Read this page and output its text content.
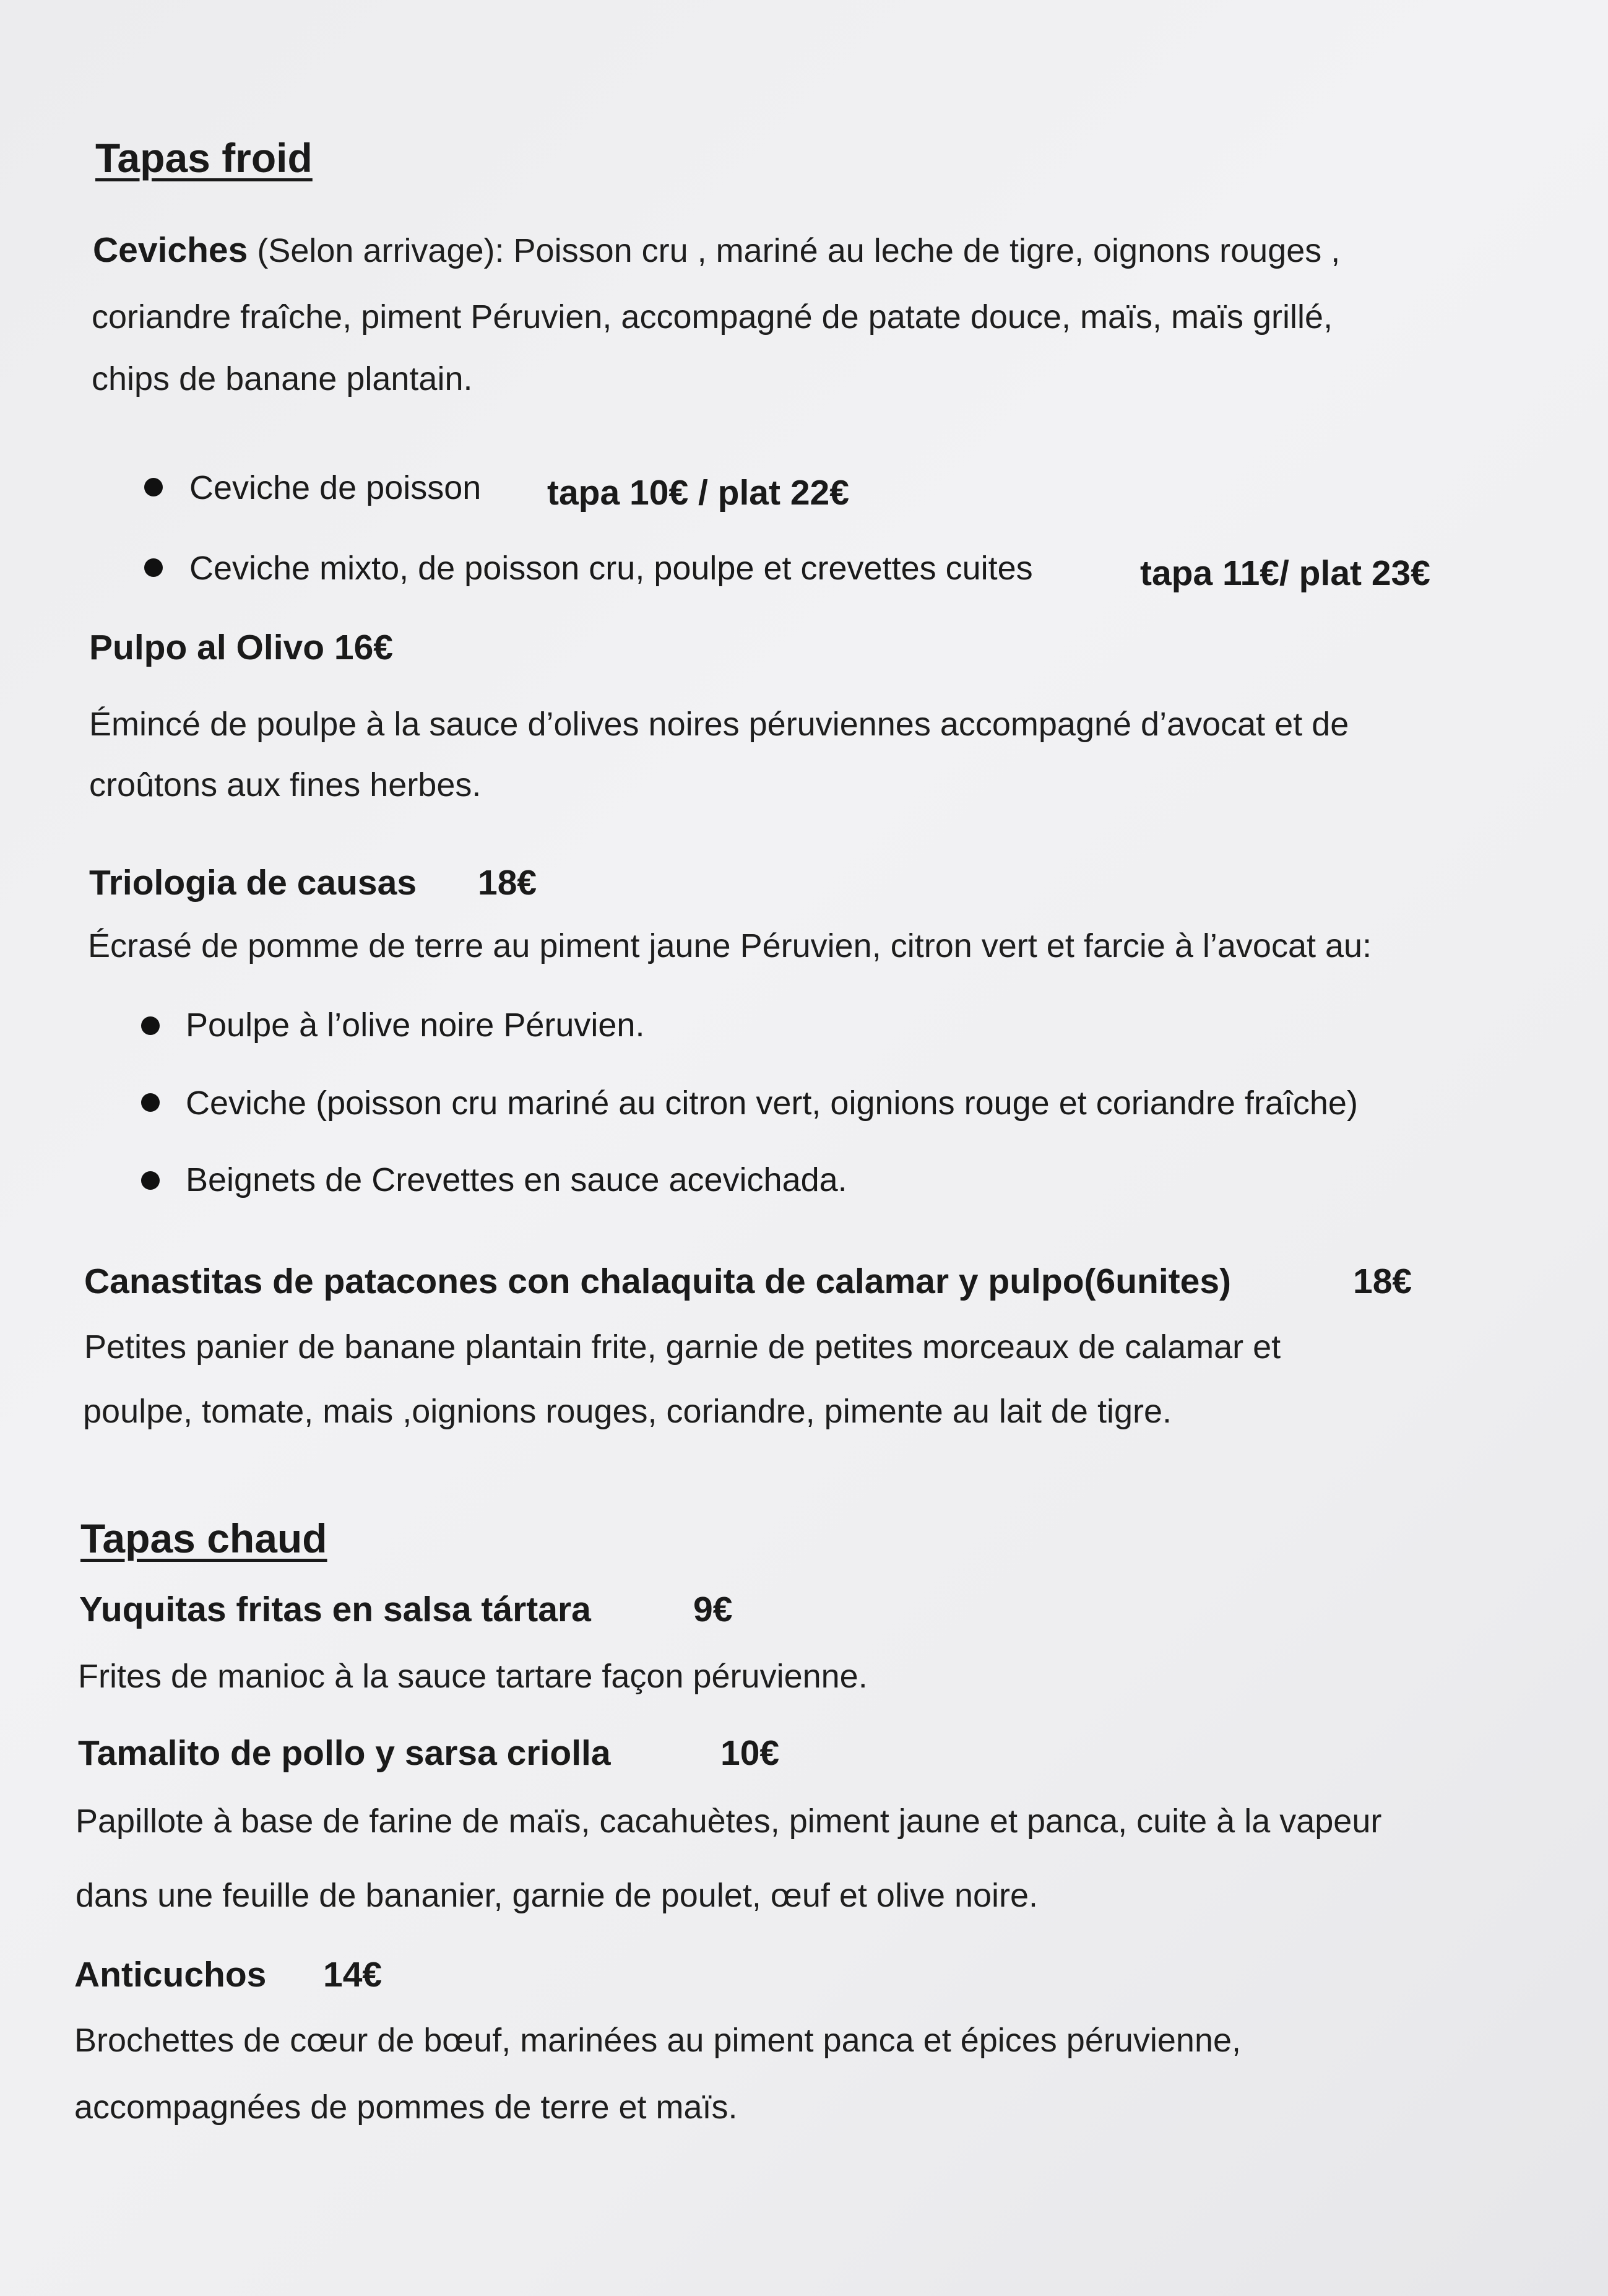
Tapas froid
Ceviches (Selon arrivage): Poisson cru , mariné au leche de tigre, oignons rouges ,
coriandre fraîche, piment Péruvien, accompagné de patate douce, maïs, maïs grillé,
chips de banane plantain.
Ceviche de poisson tapa 10€ / plat 22€
Ceviche mixto, de poisson cru, poulpe et crevettes cuites	tapa 11€/ plat 23€
Pulpo al Olivo 16€
Émincé de poulpe à la sauce d’olives noires péruviennes accompagné d’avocat et de
croûtons aux fines herbes.
Triologia de causas 18€
Écrasé de pomme de terre au piment jaune Péruvien, citron vert et farcie à l’avocat au:
Poulpe à l’olive noire Péruvien.
Ceviche (poisson cru mariné au citron vert, oignions rouge et coriandre fraîche)
Beignets de Crevettes en sauce acevichada.
Canastitas de patacones con chalaquita de calamar y pulpo(6unites)	18€
Petites panier de banane plantain frite, garnie de petites morceaux de calamar et
poulpe, tomate, mais ,oignions rouges, coriandre, pimente au lait de tigre.
Tapas chaud
Yuquitas fritas en salsa tártara	9€
Frites de manioc à la sauce tartare façon péruvienne.
Tamalito de pollo y sarsa criolla	10€
Papillote à base de farine de maïs, cacahuètes, piment jaune et panca, cuite à la vapeur
dans une feuille de bananier, garnie de poulet, œuf et olive noire.
Anticuchos 14€
Brochettes de cœur de bœuf, marinées au piment panca et épices péruvienne,
accompagnées de pommes de terre et maïs.
